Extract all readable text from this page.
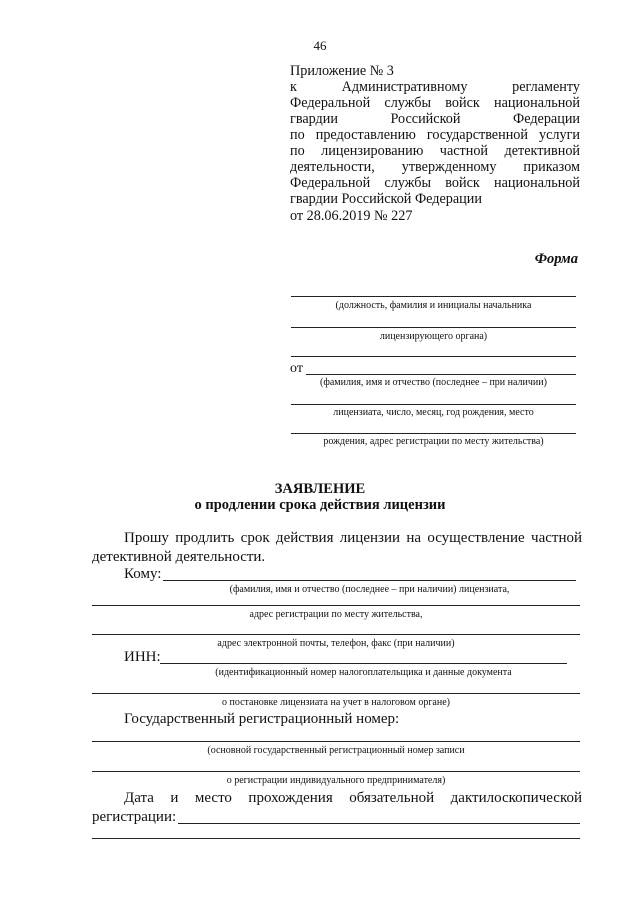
46
Приложение № 3
к Административному регламенту
Федеральной службы войск национальной
гвардии Российской Федерации
по предоставлению государственной услуги
по лицензированию частной детективной
деятельности, утвержденному приказом
Федеральной службы войск национальной
гвардии Российской Федерации
от 28.06.2019 № 227
Форма
(должность, фамилия и инициалы начальника
лицензирующего органа)
от
(фамилия, имя и отчество (последнее – при наличии)
лицензиата, число, месяц, год рождения, место
рождения, адрес регистрации по месту жительства)
ЗАЯВЛЕНИЕ
о продлении срока действия лицензии
Прошу продлить срок действия лицензии на осуществление частной детективной деятельности.
Кому:
(фамилия, имя и отчество (последнее – при наличии) лицензиата,
адрес регистрации по месту жительства,
адрес электронной почты, телефон, факс (при наличии)
ИНН:
(идентификационный номер налогоплательщика и данные документа
о постановке лицензиата на учет в налоговом органе)
Государственный регистрационный номер:
(основной государственный регистрационный номер записи
о регистрации индивидуального предпринимателя)
Дата и место прохождения обязательной дактилоскопической
регистрации:
